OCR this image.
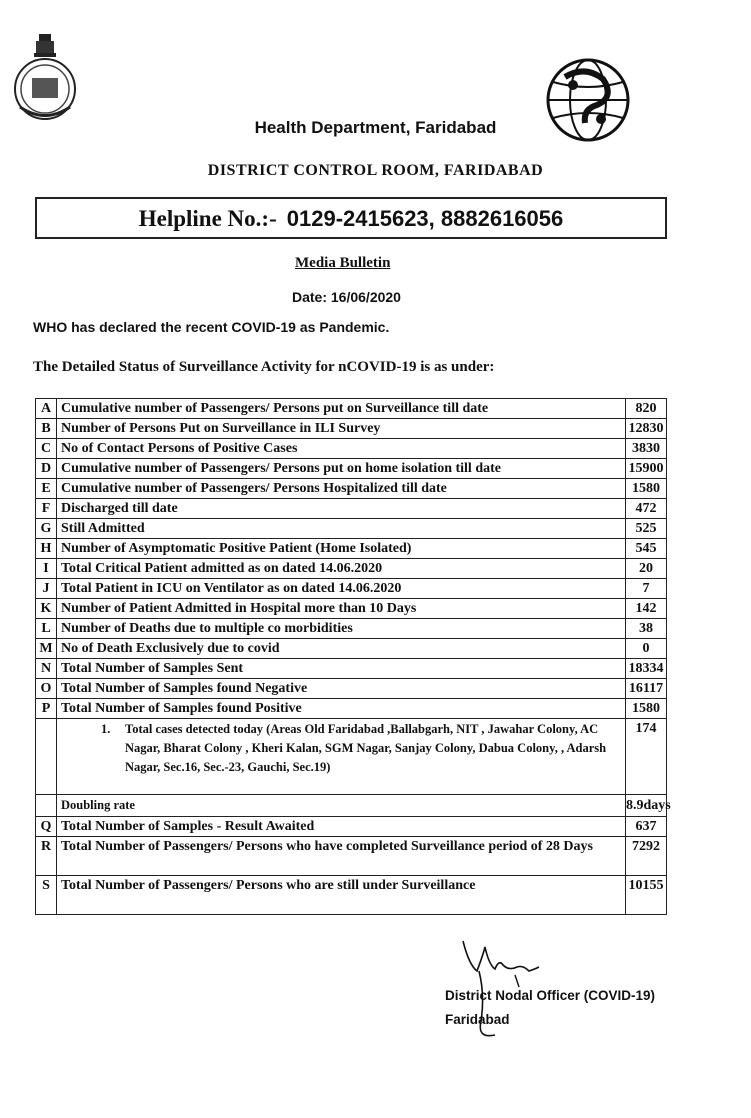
Health Department, Faridabad
DISTRICT CONTROL ROOM, FARIDABAD
Helpline No.:- 0129-2415623, 8882616056
Media Bulletin
Date: 16/06/2020
WHO has declared the recent COVID-19 as Pandemic.
The Detailed Status of Surveillance Activity for nCOVID-19 is as under:
A	Cumulative number of Passengers/ Persons put on Surveillance till date	820
B	Number of Persons Put on Surveillance in ILI Survey	12830
C	No of Contact Persons of Positive Cases	3830
D	Cumulative number of Passengers/ Persons put on home isolation till date	15900
E	Cumulative number of Passengers/ Persons Hospitalized till date	1580
F	Discharged till date	472
G	Still Admitted	525
H	Number of Asymptomatic Positive Patient (Home Isolated)	545
I	Total Critical Patient admitted as on dated 14.06.2020	20
J	Total Patient in ICU on Ventilator as on dated 14.06.2020	7
K	Number of Patient Admitted in Hospital more than 10 Days	142
L	Number of Deaths due to multiple co morbidities	38
M	No of Death Exclusively due to covid	0
N	Total Number of Samples Sent	18334
O	Total Number of Samples found Negative	16117
P	Total Number of Samples found Positive	1580

	1. Total cases detected today (Areas Old Faridabad ,Ballabgarh, NIT , Jawahar Colony, AC Nagar, Bharat Colony , Kheri Kalan, SGM Nagar, Sanjay Colony, Dabua Colony, , Adarsh Nagar, Sec.16, Sec.-23, Gauchi, Sec.19)	174
	Doubling rate	8.9days
Q	Total Number of Samples - Result Awaited	637
R	Total Number of Passengers/ Persons who have completed Surveillance period of 28 Days	7292
S	Total Number of Passengers/ Persons who are still under Surveillance	10155
District Nodal Officer (COVID-19)
Faridabad
